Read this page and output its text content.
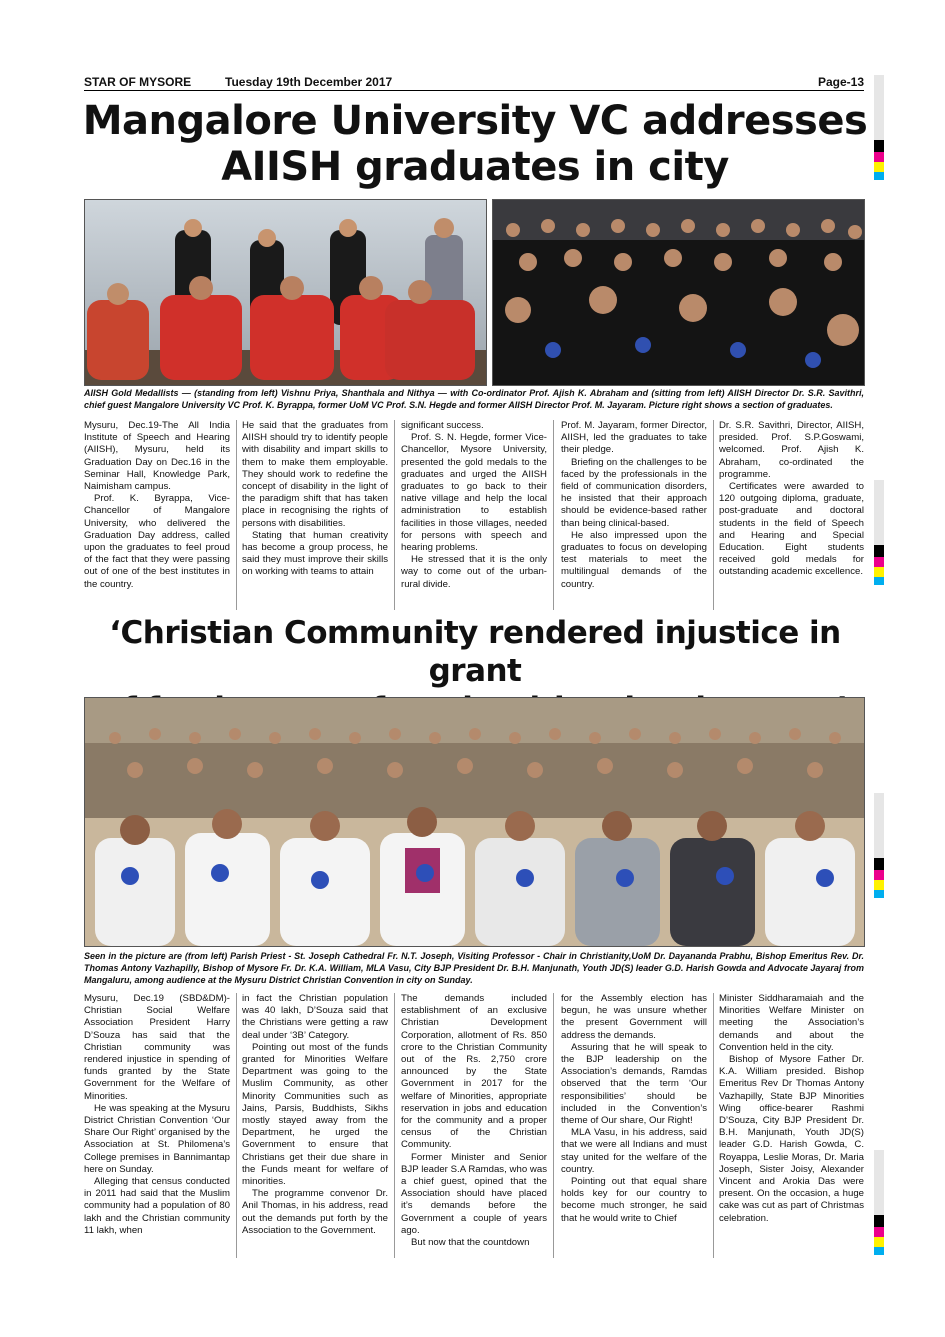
STAR OF MYSORE	Tuesday 19th December 2017	Page-13
Mangalore University VC addresses
AIISH graduates in city
AIISH Gold Medallists — (standing from left) Vishnu Priya, Shanthala and Nithya — with Co-ordinator Prof. Ajish K. Abraham and (sitting from left) AIISH Director Dr. S.R. Savithri, chief guest Mangalore University VC Prof. K. Byrappa, former UoM VC Prof. S.N. Hegde and former AIISH Director Prof. M. Jayaram. Picture right shows a section of graduates.

Mysuru, Dec.19-The All India Institute of Speech and Hearing (AIISH), Mysuru, held its Graduation Day on Dec.16 in the Seminar Hall, Knowledge Park, Naimisham campus.

Prof. K. Byrappa, Vice-Chancellor of Mangalore University, who delivered the Graduation Day address, called upon the graduates to feel proud of the fact that they were passing out of one of the best institutes in the country.

He said that the graduates from AIISH should try to identify people with disability and impart skills to them to make them employable. They should work to redefine the concept of disability in the light of the paradigm shift that has taken place in recognising the rights of persons with disabilities.

Stating that human creativity has become a group process, he said they must improve their skills on working with teams to attain

significant success.

Prof. S. N. Hegde, former Vice-Chancellor, Mysore University, presented the gold medals to the graduates and urged the AIISH graduates to go back to their native village and help the local administration to establish facilities in those villages, needed for persons with speech and hearing problems.

He stressed that it is the only way to come out of the urban-rural divide.

Prof. M. Jayaram, former Director, AIISH, led the graduates to take their pledge.

Briefing on the challenges to be faced by the professionals in the field of communication disorders, he insisted that their approach should be evidence-based rather than being clinical-based.

He also impressed upon the graduates to focus on developing test materials to meet the multilingual demands of the country.

Dr. S.R. Savithri, Director, AIISH, presided. Prof. S.P.Goswami, welcomed. Prof. Ajish K. Abraham, co-ordinated the programme.

Certificates were awarded to 120 outgoing diploma, graduate, post-graduate and doctoral students in the field of Speech and Hearing and Special Education. Eight students received gold medals for outstanding academic excellence.

‘Christian Community rendered injustice in grant
Seen in the picture are (from left) Parish Priest - St. Joseph Cathedral Fr. N.T. Joseph, Visiting Professor - Chair in Christianity,UoM Dr. Dayananda Prabhu, Bishop Emeritus Rev. Dr. Thomas Antony Vazhapilly, Bishop of Mysore Fr. Dr. K.A. William, MLA Vasu, City BJP President Dr. B.H. Manjunath, Youth JD(S) leader G.D. Harish Gowda and Advocate Jayaraj from Mangaluru, among audience at the Mysuru District Christian Convention in city on Sunday.

Mysuru, Dec.19 (SBD&DM)- Christian Social Welfare Association President Harry D’Souza has said that the Christian community was rendered injustice in spending of funds granted by the State Government for the Welfare of Minorities.

He was speaking at the Mysuru District Christian Convention ‘Our Share Our Right’ organised by the Association at St. Philomena’s College premises in Bannimantap here on Sunday.

Alleging that census conducted in 2011 had said that the Muslim community had a population of 80 lakh and the Christian community 11 lakh, when

in fact the Christian population was 40 lakh, D’Souza said that the Christians were getting a raw deal under ‘3B’ Category.

Pointing out most of the funds granted for Minorities Welfare Department was going to the Muslim Community, as other Minority Communities such as Jains, Parsis, Buddhists, Sikhs mostly stayed away from the Department, he urged the Government to ensure that Christians get their due share in the Funds meant for welfare of minorities.

The programme convenor Dr. Anil Thomas, in his address, read out the demands put forth by the Association to the Government.

The demands included establishment of an exclusive Christian Development Corporation, allotment of Rs. 850 crore to the Christian Community out of the Rs. 2,750 crore announced by the State Government in 2017 for the welfare of Minorities, appropriate reservation in jobs and education for the community and a proper census of the Christian Community.

Former Minister and Senior BJP leader S.A Ramdas, who was a chief guest, opined that the Association should have placed it’s demands before the Government a couple of years ago.

But now that the countdown

for the Assembly election has begun, he was unsure whether the present Government will address the demands.

Assuring that he will speak to the BJP leadership on the Association’s demands, Ramdas observed that the term ‘Our responsibilities’ should be included in the Convention’s theme of Our share, Our Right!

MLA Vasu, in his address, said that we were all Indians and must stay united for the welfare of the country.

Pointing out that equal share holds key for our country to become much stronger, he said that he would write to Chief

Minister Siddharamaiah and the Minorities Welfare Minister on meeting the Association’s demands and about the Convention held in the city.

Bishop of Mysore Father Dr. K.A. William presided. Bishop Emeritus Rev Dr Thomas Antony Vazhapilly, State BJP Minorities Wing office-bearer Rashmi D’Souza, City BJP President Dr. B.H. Manjunath, Youth JD(S) leader G.D. Harish Gowda, C. Royappa, Leslie Moras, Dr. Maria Joseph, Sister Joisy, Alexander Vincent and Arokia Das were present. On the occasion, a huge cake was cut as part of Christmas celebration.
